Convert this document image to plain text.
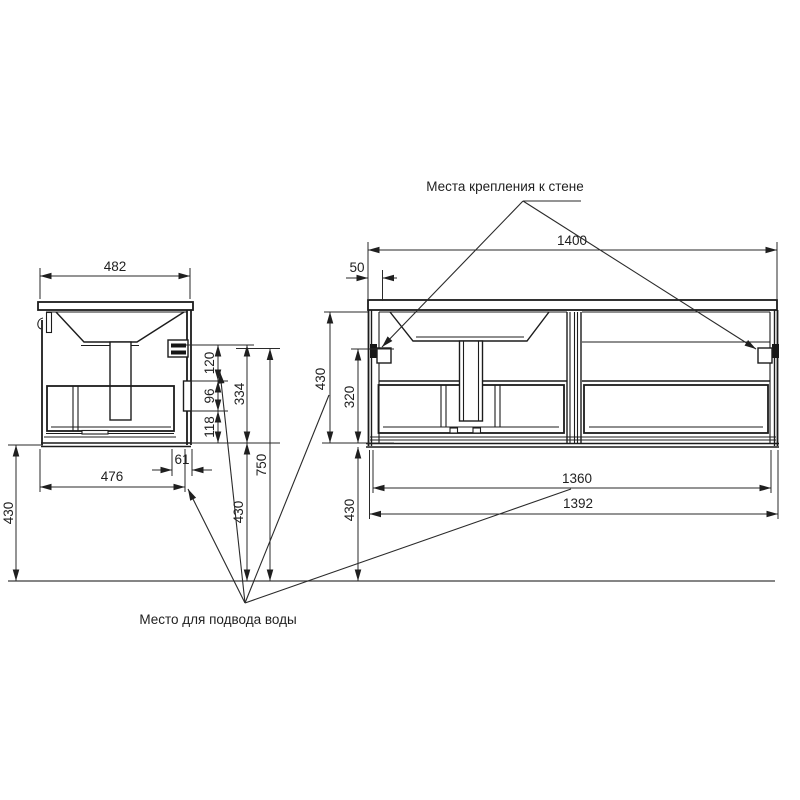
482
120
96
118
334
430
750
430
476
61
1400
50
430
320
430
1360
1392
Места крепления к стене
Место для подвода воды
